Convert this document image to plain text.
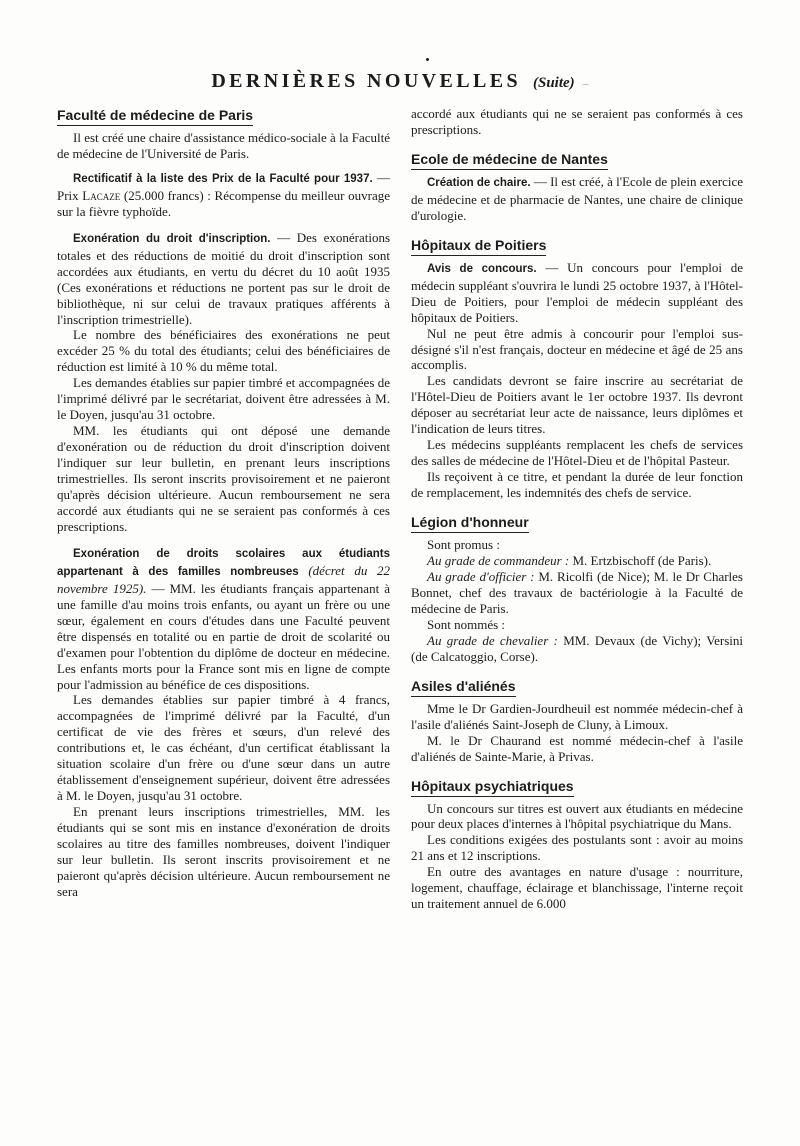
DERNIÈRES NOUVELLES (Suite) –
Faculté de médecine de Paris

Il est créé une chaire d'assistance médico-sociale à la Faculté de médecine de l'Université de Paris.

Rectificatif à la liste des Prix de la Faculté pour 1937. — Prix Lacaze (25.000 francs) : Récompense du meilleur ouvrage sur la fièvre typhoïde.

Exonération du droit d'inscription. — Des exonérations totales et des réductions de moitié du droit d'inscription sont accordées aux étudiants, en vertu du décret du 10 août 1935 (Ces exonérations et réductions ne portent pas sur le droit de bibliothèque, ni sur celui de travaux pratiques afférents à l'inscription trimestrielle).

Le nombre des bénéficiaires des exonérations ne peut excéder 25 % du total des étudiants; celui des bénéficiaires de réduction est limité à 10 % du même total.

Les demandes établies sur papier timbré et accompagnées de l'imprimé délivré par le secrétariat, doivent être adressées à M. le Doyen, jusqu'au 31 octobre.

MM. les étudiants qui ont déposé une demande d'exonération ou de réduction du droit d'inscription doivent l'indiquer sur leur bulletin, en prenant leurs inscriptions trimestrielles. Ils seront inscrits provisoirement et ne paieront qu'après décision ultérieure. Aucun remboursement ne sera accordé aux étudiants qui ne se seraient pas conformés à ces prescriptions.

Exonération de droits scolaires aux étudiants appartenant à des familles nombreuses (décret du 22 novembre 1925). — MM. les étudiants français appartenant à une famille d'au moins trois enfants, ou ayant un frère ou une sœur, également en cours d'études dans une Faculté peuvent être dispensés en totalité ou en partie de droit de scolarité ou d'examen pour l'obtention du diplôme de docteur en médecine. Les enfants morts pour la France sont mis en ligne de compte pour l'admission au bénéfice de ces dispositions.

Les demandes établies sur papier timbré à 4 francs, accompagnées de l'imprimé délivré par la Faculté, d'un certificat de vie des frères et sœurs, d'un relevé des contributions et, le cas échéant, d'un certificat établissant la situation scolaire d'un frère ou d'une sœur dans un autre établissement d'enseignement supérieur, doivent être adressées à M. le Doyen, jusqu'au 31 octobre.

En prenant leurs inscriptions trimestrielles, MM. les étudiants qui se sont mis en instance d'exonération de droits scolaires au titre des familles nombreuses, doivent l'indiquer sur leur bulletin. Ils seront inscrits provisoirement et ne paieront qu'après décision ultérieure. Aucun remboursement ne sera

accordé aux étudiants qui ne se seraient pas conformés à ces prescriptions.

Ecole de médecine de Nantes

Création de chaire. — Il est créé, à l'Ecole de plein exercice de médecine et de pharmacie de Nantes, une chaire de clinique d'urologie.

Hôpitaux de Poitiers

Avis de concours. — Un concours pour l'emploi de médecin suppléant s'ouvrira le lundi 25 octobre 1937, à l'Hôtel-Dieu de Poitiers, pour l'emploi de médecin suppléant des hôpitaux de Poitiers.

Nul ne peut être admis à concourir pour l'emploi sus-désigné s'il n'est français, docteur en médecine et âgé de 25 ans accomplis.

Les candidats devront se faire inscrire au secrétariat de l'Hôtel-Dieu de Poitiers avant le 1er octobre 1937. Ils devront déposer au secrétariat leur acte de naissance, leurs diplômes et l'indication de leurs titres.

Les médecins suppléants remplacent les chefs de services des salles de médecine de l'Hôtel-Dieu et de l'hôpital Pasteur.

Ils reçoivent à ce titre, et pendant la durée de leur fonction de remplacement, les indemnités des chefs de service.

Légion d'honneur

Sont promus :

Au grade de commandeur : M. Ertzbischoff (de Paris).

Au grade d'officier : M. Ricolfi (de Nice); M. le Dr Charles Bonnet, chef des travaux de bactériologie à la Faculté de médecine de Paris.

Sont nommés :

Au grade de chevalier : MM. Devaux (de Vichy); Versini (de Calcatoggio, Corse).

Asiles d'aliénés

Mme le Dr Gardien-Jourdheuil est nommée médecin-chef à l'asile d'aliénés Saint-Joseph de Cluny, à Limoux.

M. le Dr Chaurand est nommé médecin-chef à l'asile d'aliénés de Sainte-Marie, à Privas.

Hôpitaux psychiatriques

Un concours sur titres est ouvert aux étudiants en médecine pour deux places d'internes à l'hôpital psychiatrique du Mans.

Les conditions exigées des postulants sont : avoir au moins 21 ans et 12 inscriptions.

En outre des avantages en nature d'usage : nourriture, logement, chauffage, éclairage et blanchissage, l'interne reçoit un traitement annuel de 6.000
